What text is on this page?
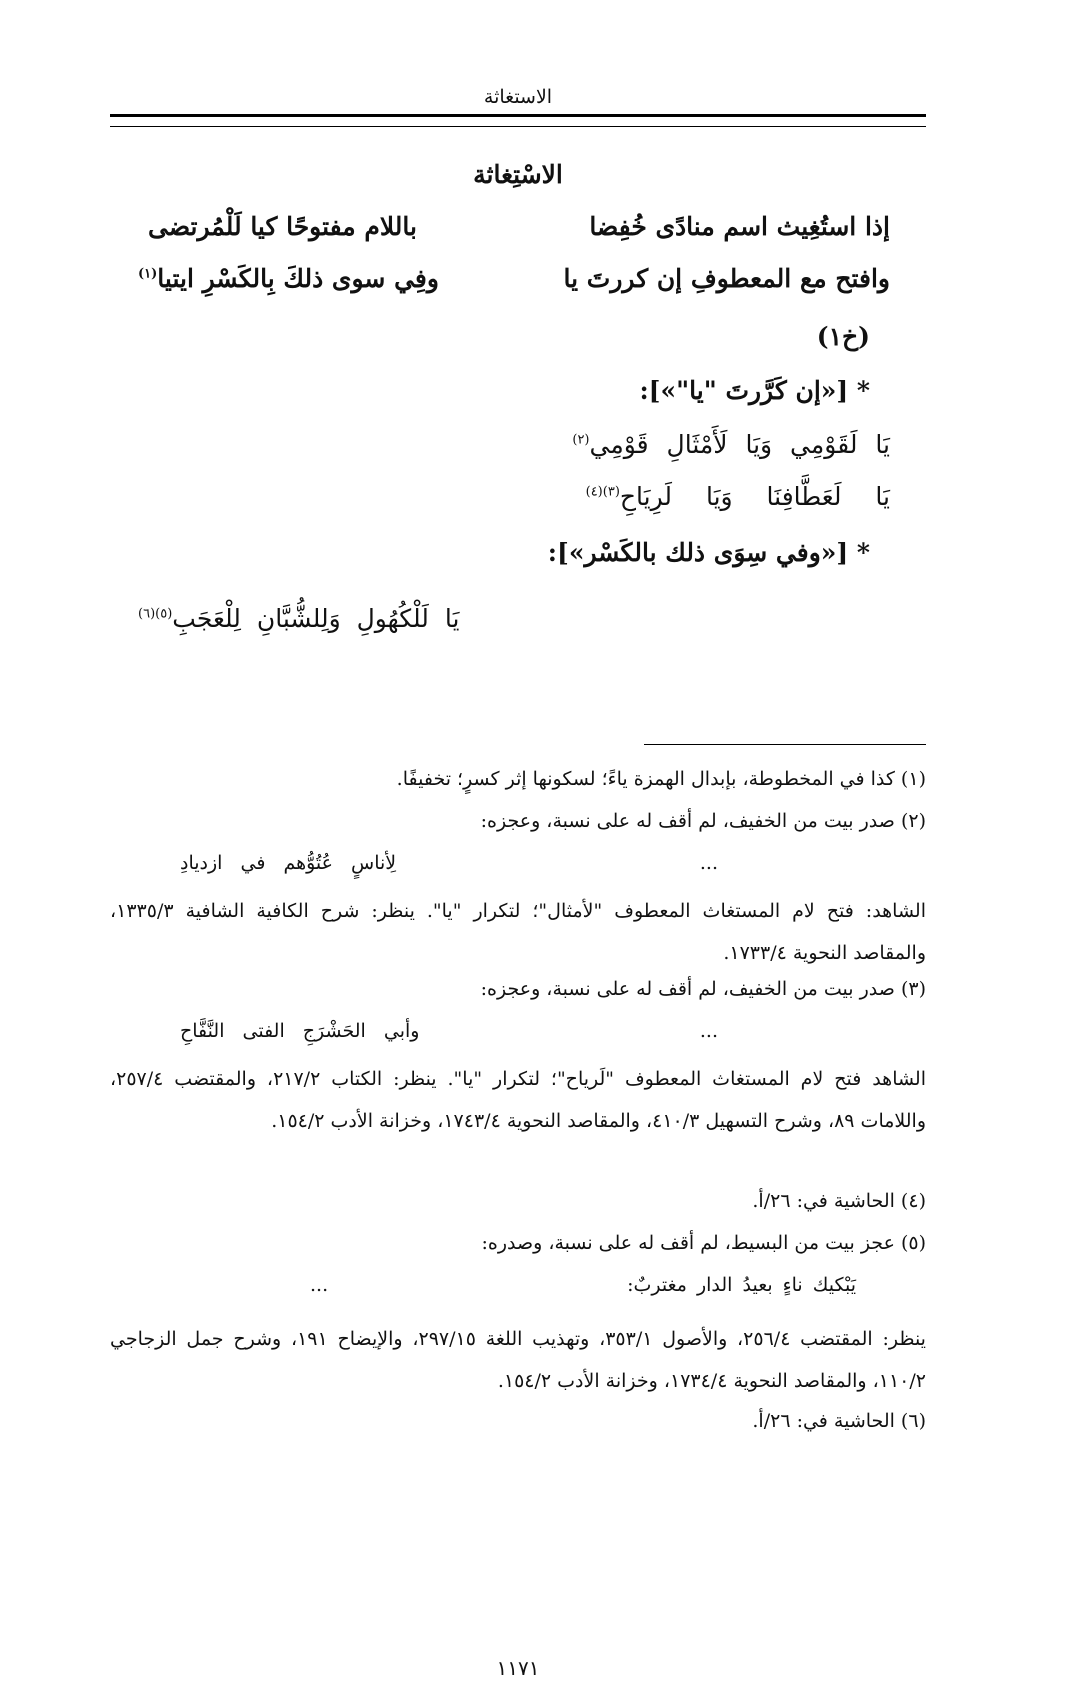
الاستغاثة
الاسْتِغاثة
إذا استُغِيث اسم منادًى خُفِضا
باللام مفتوحًا كيا لَلْمُرتضى
وافتح مع المعطوفِ إن كررتَ يا
وفِي سوى ذلكَ بِالكَسْرِ ايتيا$^{(١)}$
(خ١)
* [«إن كَرَّرتَ "يا"»]:
يَا لَقَوْمِي وَيَا لَأَمْثَالِ قَوْمِي$^{(٢)}$
يَا لَعَطَّافِنَا وَيَا لَرِيَاحِ$^{(٣)(٤)}$
* [«وفي سِوَى ذلك بالكَسْر»]:
يَا لَلْكُهُولِ وَلِلشُّبَّانِ لِلْعَجَبِ$^{(٥)(٦)}$
(١) كذا في المخطوطة، بإبدال الهمزة ياءً؛ لسكونها إثر كسرٍ؛ تخفيفًا.
(٢) صدر بيت من الخفيف، لم أقف له على نسبة، وعجزه:
...
لِأناسٍ عُتُوُّهم في ازديادِ
الشاهد: فتح لام المستغاث المعطوف "لأمثال"؛ لتكرار "يا". ينظر: شرح الكافية الشافية ١٣٣٥/٣، والمقاصد النحوية ١٧٣٣/٤.
(٣) صدر بيت من الخفيف، لم أقف له على نسبة، وعجزه:
...
وأبي الحَشْرَجِ الفتى النَّفَّاحِ
الشاهد فتح لام المستغاث المعطوف "لَرياح"؛ لتكرار "يا". ينظر: الكتاب ٢١٧/٢، والمقتضب ٢٥٧/٤، واللامات ٨٩، وشرح التسهيل ٤١٠/٣، والمقاصد النحوية ١٧٤٣/٤، وخزانة الأدب ١٥٤/٢.
(٤) الحاشية في: ٢٦/أ.
(٥) عجز بيت من البسيط، لم أقف له على نسبة، وصدره:
يَبْكيك ناءٍ بعيدُ الدار مغتربٌ:
...
ينظر: المقتضب ٢٥٦/٤، والأصول ٣٥٣/١، وتهذيب اللغة ٢٩٧/١٥، والإيضاح ١٩١، وشرح جمل الزجاجي ١١٠/٢، والمقاصد النحوية ١٧٣٤/٤، وخزانة الأدب ١٥٤/٢.
(٦) الحاشية في: ٢٦/أ.
١١٧١
